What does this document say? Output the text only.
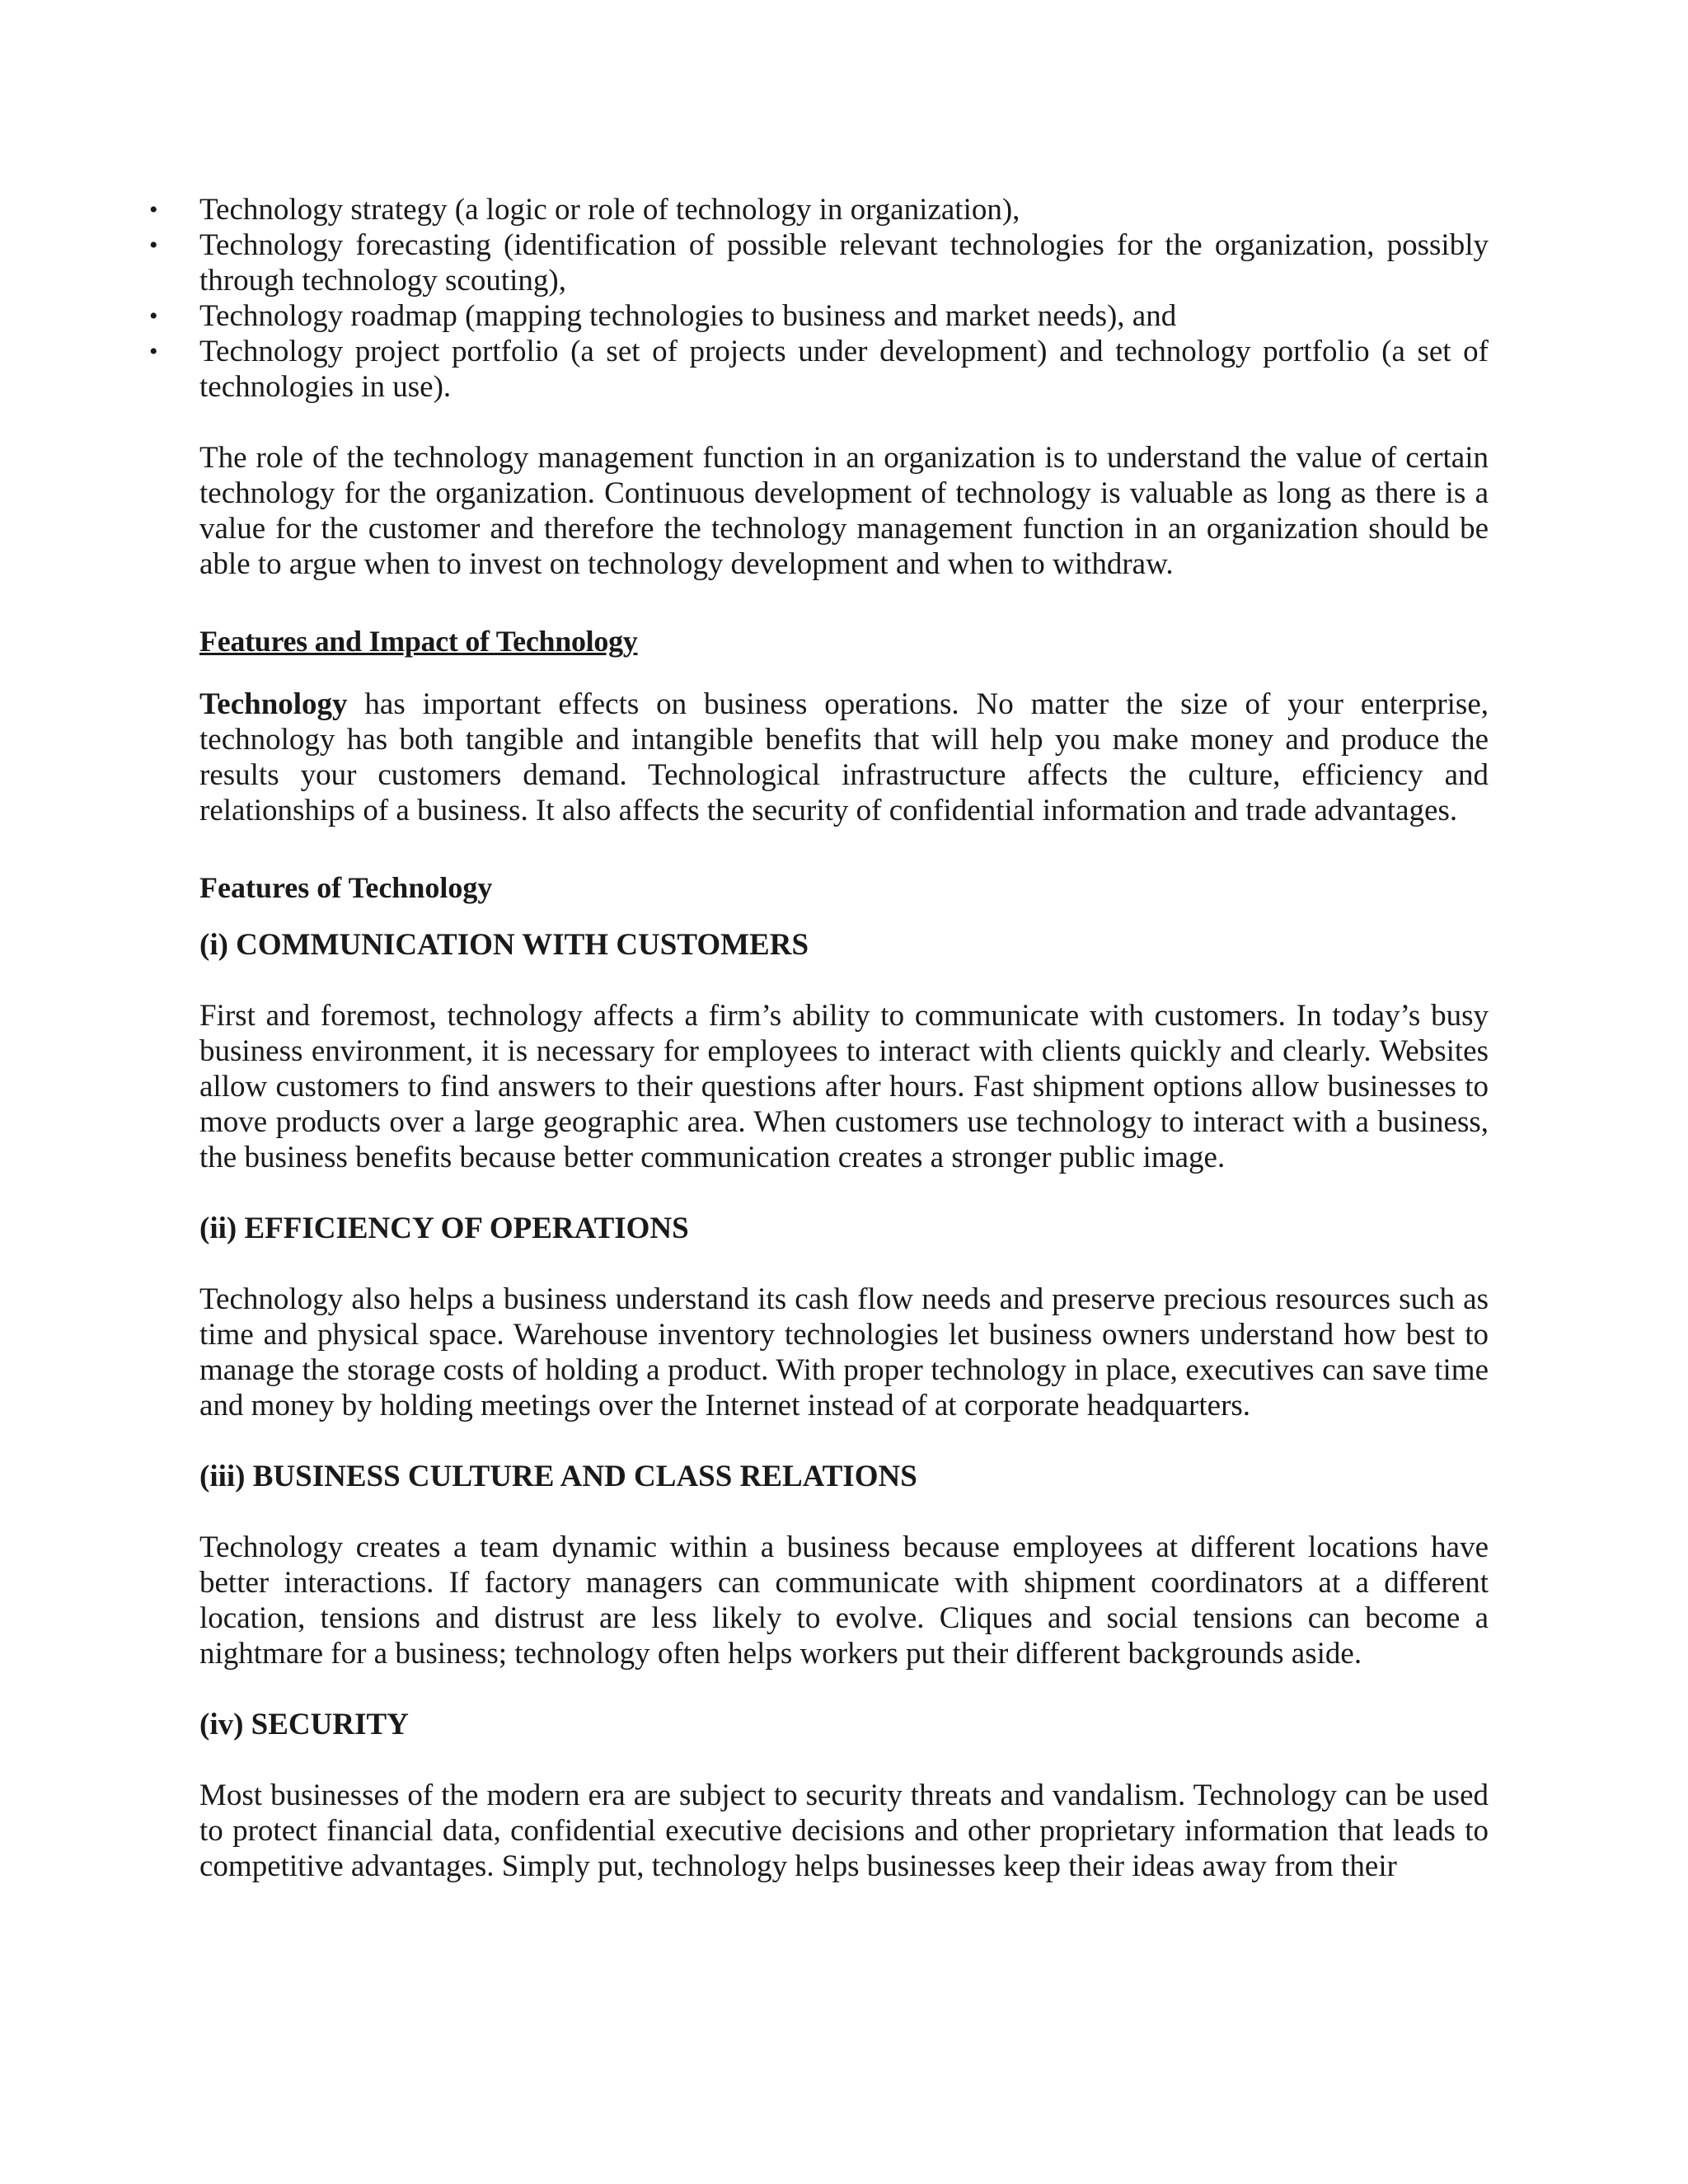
• Technology strategy (a logic or role of technology in organization),
• Technology forecasting (identification of possible relevant technologies for the organization, possibly through technology scouting),
• Technology roadmap (mapping technologies to business and market needs), and
• Technology project portfolio (a set of projects under development) and technology portfolio (a set of technologies in use).

The role of the technology management function in an organization is to understand the value of certain technology for the organization. Continuous development of technology is valuable as long as there is a value for the customer and therefore the technology management function in an organization should be able to argue when to invest on technology development and when to withdraw.

Features and Impact of Technology

Technology has important effects on business operations. No matter the size of your enterprise, technology has both tangible and intangible benefits that will help you make money and produce the results your customers demand. Technological infrastructure affects the culture, efficiency and relationships of a business. It also affects the security of confidential information and trade advantages.

Features of Technology

(i) COMMUNICATION WITH CUSTOMERS

First and foremost, technology affects a firm’s ability to communicate with customers. In today’s busy business environment, it is necessary for employees to interact with clients quickly and clearly. Websites allow customers to find answers to their questions after hours. Fast shipment options allow businesses to move products over a large geographic area. When customers use technology to interact with a business, the business benefits because better communication creates a stronger public image.

(ii) EFFICIENCY OF OPERATIONS

Technology also helps a business understand its cash flow needs and preserve precious resources such as time and physical space. Warehouse inventory technologies let business owners understand how best to manage the storage costs of holding a product. With proper technology in place, executives can save time and money by holding meetings over the Internet instead of at corporate headquarters.

(iii) BUSINESS CULTURE AND CLASS RELATIONS

Technology creates a team dynamic within a business because employees at different locations have better interactions. If factory managers can communicate with shipment coordinators at a different location, tensions and distrust are less likely to evolve. Cliques and social tensions can become a nightmare for a business; technology often helps workers put their different backgrounds aside.

(iv) SECURITY

Most businesses of the modern era are subject to security threats and vandalism. Technology can be used to protect financial data, confidential executive decisions and other proprietary information that leads to competitive advantages. Simply put, technology helps businesses keep their ideas away from their
